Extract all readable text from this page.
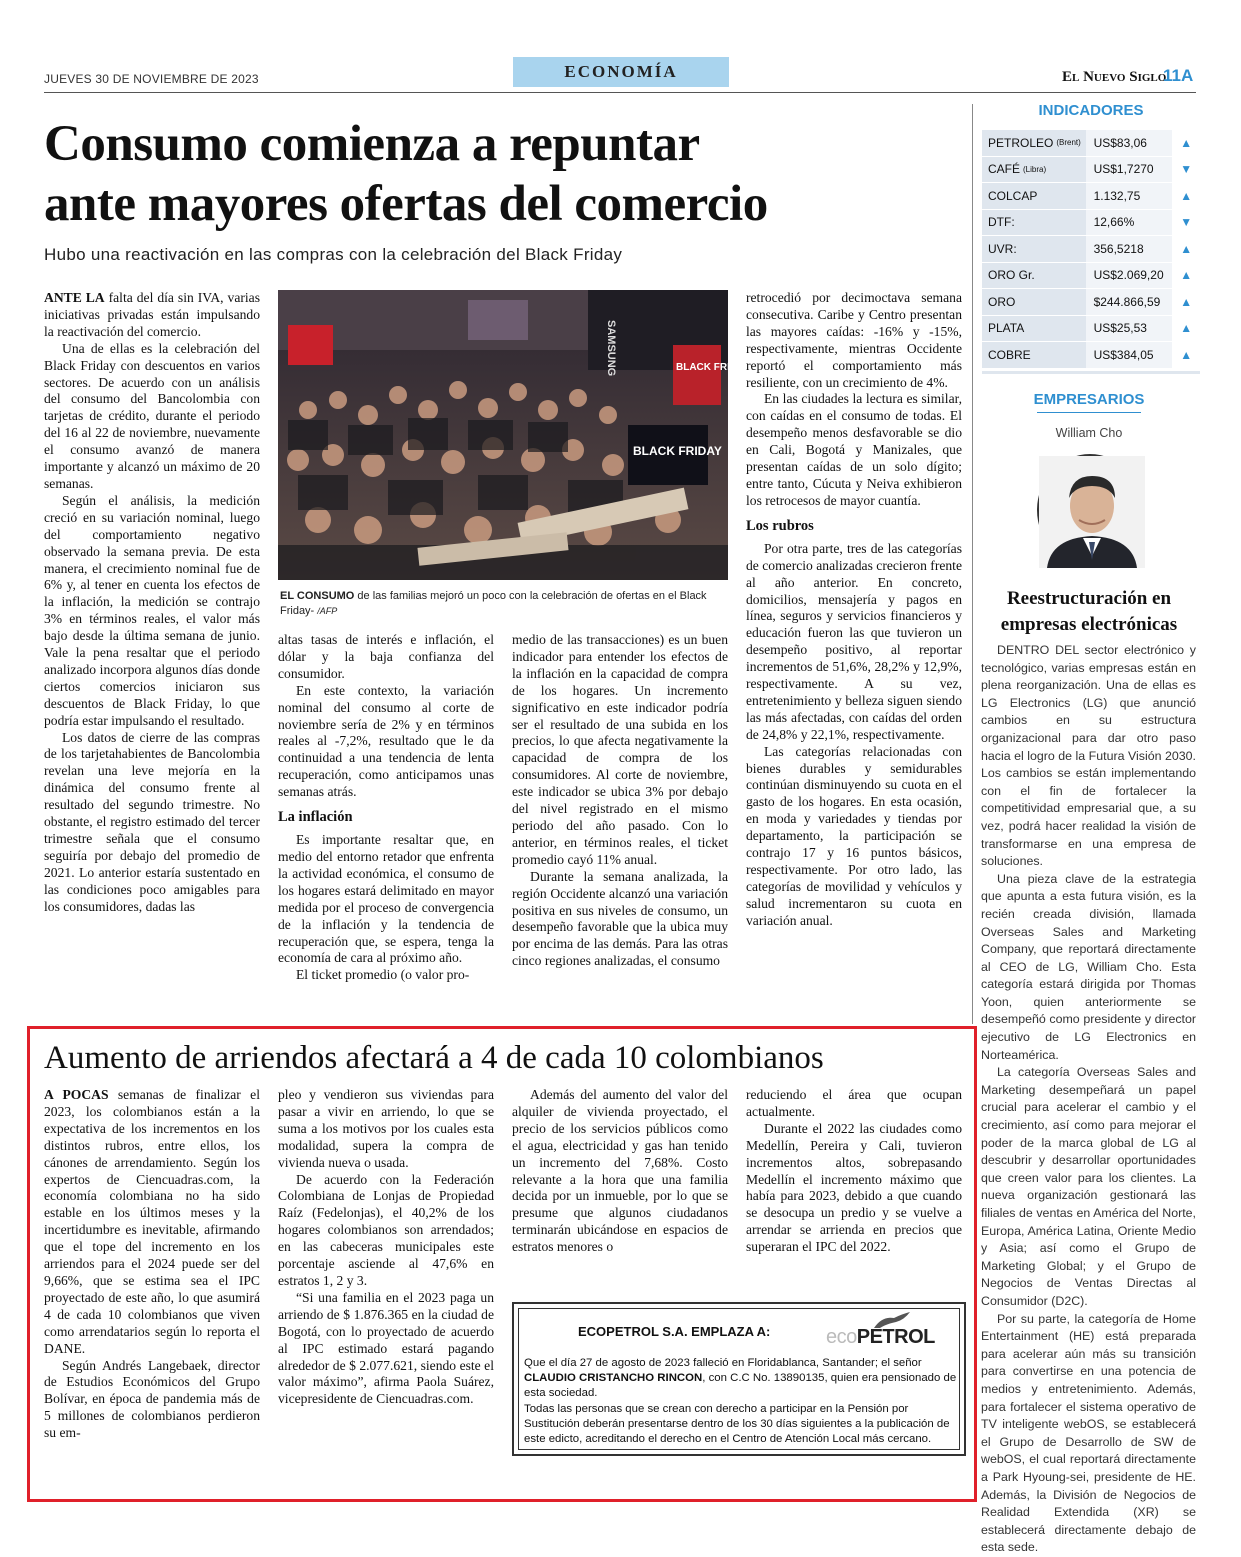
JUEVES 30 DE NOVIEMBRE DE 2023	ECONOMÍA	El Nuevo Siglo
11A
Consumo comienza a repuntar
ante mayores ofertas del comercio
Hubo una reactivación en las compras con la celebración del Black Friday

ANTE LA falta del día sin IVA, varias iniciativas privadas están impulsando la reactivación del comercio.

Una de ellas es la celebración del Black Friday con descuentos en varios sectores. De acuerdo con un análisis del consumo del Bancolombia con tarjetas de crédito, durante el periodo del 16 al 22 de noviembre, nuevamente el consumo avanzó de manera importante y alcanzó un máximo de 20 semanas.

Según el análisis, la medición creció en su variación nominal, luego del comportamiento negativo observado la semana previa. De esta manera, el crecimiento nominal fue de 6% y, al tener en cuenta los efectos de la inflación, la medición se contrajo 3% en términos reales, el valor más bajo desde la última semana de junio. Vale la pena resaltar que el periodo analizado incorpora algunos días donde ciertos comercios iniciaron sus descuentos de Black Friday, lo que podría estar impulsando el resultado.

Los datos de cierre de las compras de los tarjetahabientes de Bancolombia revelan una leve mejoría en la dinámica del consumo frente al resultado del segundo trimestre. No obstante, el registro estimado del tercer trimestre señala que el consumo seguiría por debajo del promedio de 2021. Lo anterior estaría sustentado en las condiciones poco amigables para los consumidores, dadas las

BLACK FRIDAY
BLACK FRIDAY
SAMSUNG
EL CONSUMO de las familias mejoró un poco con la celebración de ofertas en el Black Friday- /AFP

altas tasas de interés e inflación, el dólar y la baja confianza del consumidor.

En este contexto, la variación nominal del consumo al corte de noviembre sería de 2% y en términos reales al -7,2%, resultado que le da continuidad a una tendencia de lenta recuperación, como anticipamos unas semanas atrás.

La inflación

Es importante resaltar que, en medio del entorno retador que enfrenta la actividad económica, el consumo de los hogares estará delimitado en mayor medida por el proceso de convergencia de la inflación y la tendencia de recuperación que, se espera, tenga la economía de cara al próximo año.

El ticket promedio (o valor pro-

medio de las transacciones) es un buen indicador para entender los efectos de la inflación en la capacidad de compra de los hogares. Un incremento significativo en este indicador podría ser el resultado de una subida en los precios, lo que afecta negativamente la capacidad de compra de los consumidores. Al corte de noviembre, este indicador se ubica 3% por debajo del nivel registrado en el mismo periodo del año pasado. Con lo anterior, en términos reales, el ticket promedio cayó 11% anual.

Durante la semana analizada, la región Occidente alcanzó una variación positiva en sus niveles de consumo, un desempeño favorable que la ubica muy por encima de las demás. Para las otras cinco regiones analizadas, el consumo

retrocedió por decimoctava semana consecutiva. Caribe y Centro presentan las mayores caídas: -16% y -15%, respectivamente, mientras Occidente reportó el comportamiento más resiliente, con un crecimiento de 4%.

En las ciudades la lectura es similar, con caídas en el consumo de todas. El desempeño menos desfavorable se dio en Cali, Bogotá y Manizales, que presentan caídas de un solo dígito; entre tanto, Cúcuta y Neiva exhibieron los retrocesos de mayor cuantía.

Los rubros

Por otra parte, tres de las categorías de comercio analizadas crecieron frente al año anterior. En concreto, domicilios, mensajería y pagos en línea, seguros y servicios financieros y educación fueron las que tuvieron un desempeño positivo, al reportar incrementos de 51,6%, 28,2% y 12,9%, respectivamente. A su vez, entretenimiento y belleza siguen siendo las más afectadas, con caídas del orden de 24,8% y 22,1%, respectivamente.

Las categorías relacionadas con bienes durables y semidurables continúan disminuyendo su cuota en el gasto de los hogares. En esta ocasión, en moda y variedades y tiendas por departamento, la participación se contrajo 17 y 16 puntos básicos, respectivamente. Por otro lado, las categorías de movilidad y vehículos y salud incrementaron su cuota en variación anual.

INDICADORES
PETROLEO (Brent)	US$83,06	▲
CAFÉ (Libra)	US$1,7270	▼
COLCAP	1.132,75	▲
DTF:	12,66%	▼
UVR:	356,5218	▲
ORO Gr.	US$2.069,20	▲
ORO	$244.866,59	▲
PLATA	US$25,53	▲
COBRE	US$384,05	▲
EMPRESARIOS
William Cho
Reestructuración en
empresas electrónicas

DENTRO DEL sector electrónico y tecnológico, varias empresas están en plena reorganización. Una de ellas es LG Electronics (LG) que anunció cambios en su estructura organizacional para dar otro paso hacia el logro de la Futura Visión 2030. Los cambios se están implementando con el fin de fortalecer la competitividad empresarial que, a su vez, podrá hacer realidad la visión de transformarse en una empresa de soluciones.

Una pieza clave de la estrategia que apunta a esta futura visión, es la recién creada división, llamada Overseas Sales and Marketing Company, que reportará directamente al CEO de LG, William Cho. Esta categoría estará dirigida por Thomas Yoon, quien anteriormente se desempeñó como presidente y director ejecutivo de LG Electronics en Norteamérica.

La categoría Overseas Sales and Marketing desempeñará un papel crucial para acelerar el cambio y el crecimiento, así como para mejorar el poder de la marca global de LG al descubrir y desarrollar oportunidades que creen valor para los clientes. La nueva organización gestionará las filiales de ventas en América del Norte, Europa, América Latina, Oriente Medio y Asia; así como el Grupo de Marketing Global; y el Grupo de Negocios de Ventas Directas al Consumidor (D2C).

Por su parte, la categoría de Home Entertainment (HE) está preparada para acelerar aún más su transición para convertirse en una potencia de medios y entretenimiento. Además, para fortalecer el sistema operativo de TV inteligente webOS, se establecerá el Grupo de Desarrollo de SW de webOS, el cual reportará directamente a Park Hyoung-sei, presidente de HE. Además, la División de Negocios de Realidad Extendida (XR) se establecerá directamente debajo de esta sede.

Aumento de arriendos afectará a 4 de cada 10 colombianos

A POCAS semanas de finalizar el 2023, los colombianos están a la expectativa de los incrementos en los distintos rubros, entre ellos, los cánones de arrendamiento. Según los expertos de Ciencuadras.com, la economía colombiana no ha sido estable en los últimos meses y la incertidumbre es inevitable, afirmando que el tope del incremento en los arriendos para el 2024 puede ser del 9,66%, que se estima sea el IPC proyectado de este año, lo que asumirá 4 de cada 10 colombianos que viven como arrendatarios según lo reporta el DANE.

Según Andrés Langebaek, director de Estudios Económicos del Grupo Bolívar, en época de pandemia más de 5 millones de colombianos perdieron su em-

pleo y vendieron sus viviendas para pasar a vivir en arriendo, lo que se suma a los motivos por los cuales esta modalidad, supera la compra de vivienda nueva o usada.

De acuerdo con la Federación Colombiana de Lonjas de Propiedad Raíz (Fedelonjas), el 40,2% de los hogares colombianos son arrendados; en las cabeceras municipales este porcentaje asciende al 47,6% en estratos 1, 2 y 3.

“Si una familia en el 2023 paga un arriendo de $ 1.876.365 en la ciudad de Bogotá, con lo proyectado de acuerdo al IPC estimado estará pagando alrededor de $ 2.077.621, siendo este el valor máximo”, afirma Paola Suárez, vicepresidente de Ciencuadras.com.

Además del aumento del valor del alquiler de vivienda proyectado, el precio de los servicios públicos como el agua, electricidad y gas han tenido un incremento del 7,68%. Costo relevante a la hora que una familia decida por un inmueble, por lo que se presume que algunos ciudadanos terminarán ubicándose en espacios de estratos menores o

reduciendo el área que ocupan actualmente.

Durante el 2022 las ciudades como Medellín, Pereira y Cali, tuvieron incrementos altos, sobrepasando Medellín el incremento máximo que había para 2023, debido a que cuando se desocupa un predio y se vuelve a arrendar se arrienda en precios que superaran el IPC del 2022.

ECOPETROL S.A. EMPLAZA A:	ecoPETROL
Que el día 27 de agosto de 2023 falleció en Floridablanca, Santander; el señor CLAUDIO CRISTANCHO RINCON, con C.C No. 13890135, quien era pensionado de esta sociedad.
Todas las personas que se crean con derecho a participar en la Pensión por Sustitución deberán presentarse dentro de los 30 días siguientes a la publicación de este edicto, acreditando el derecho en el Centro de Atención Local más cercano.
